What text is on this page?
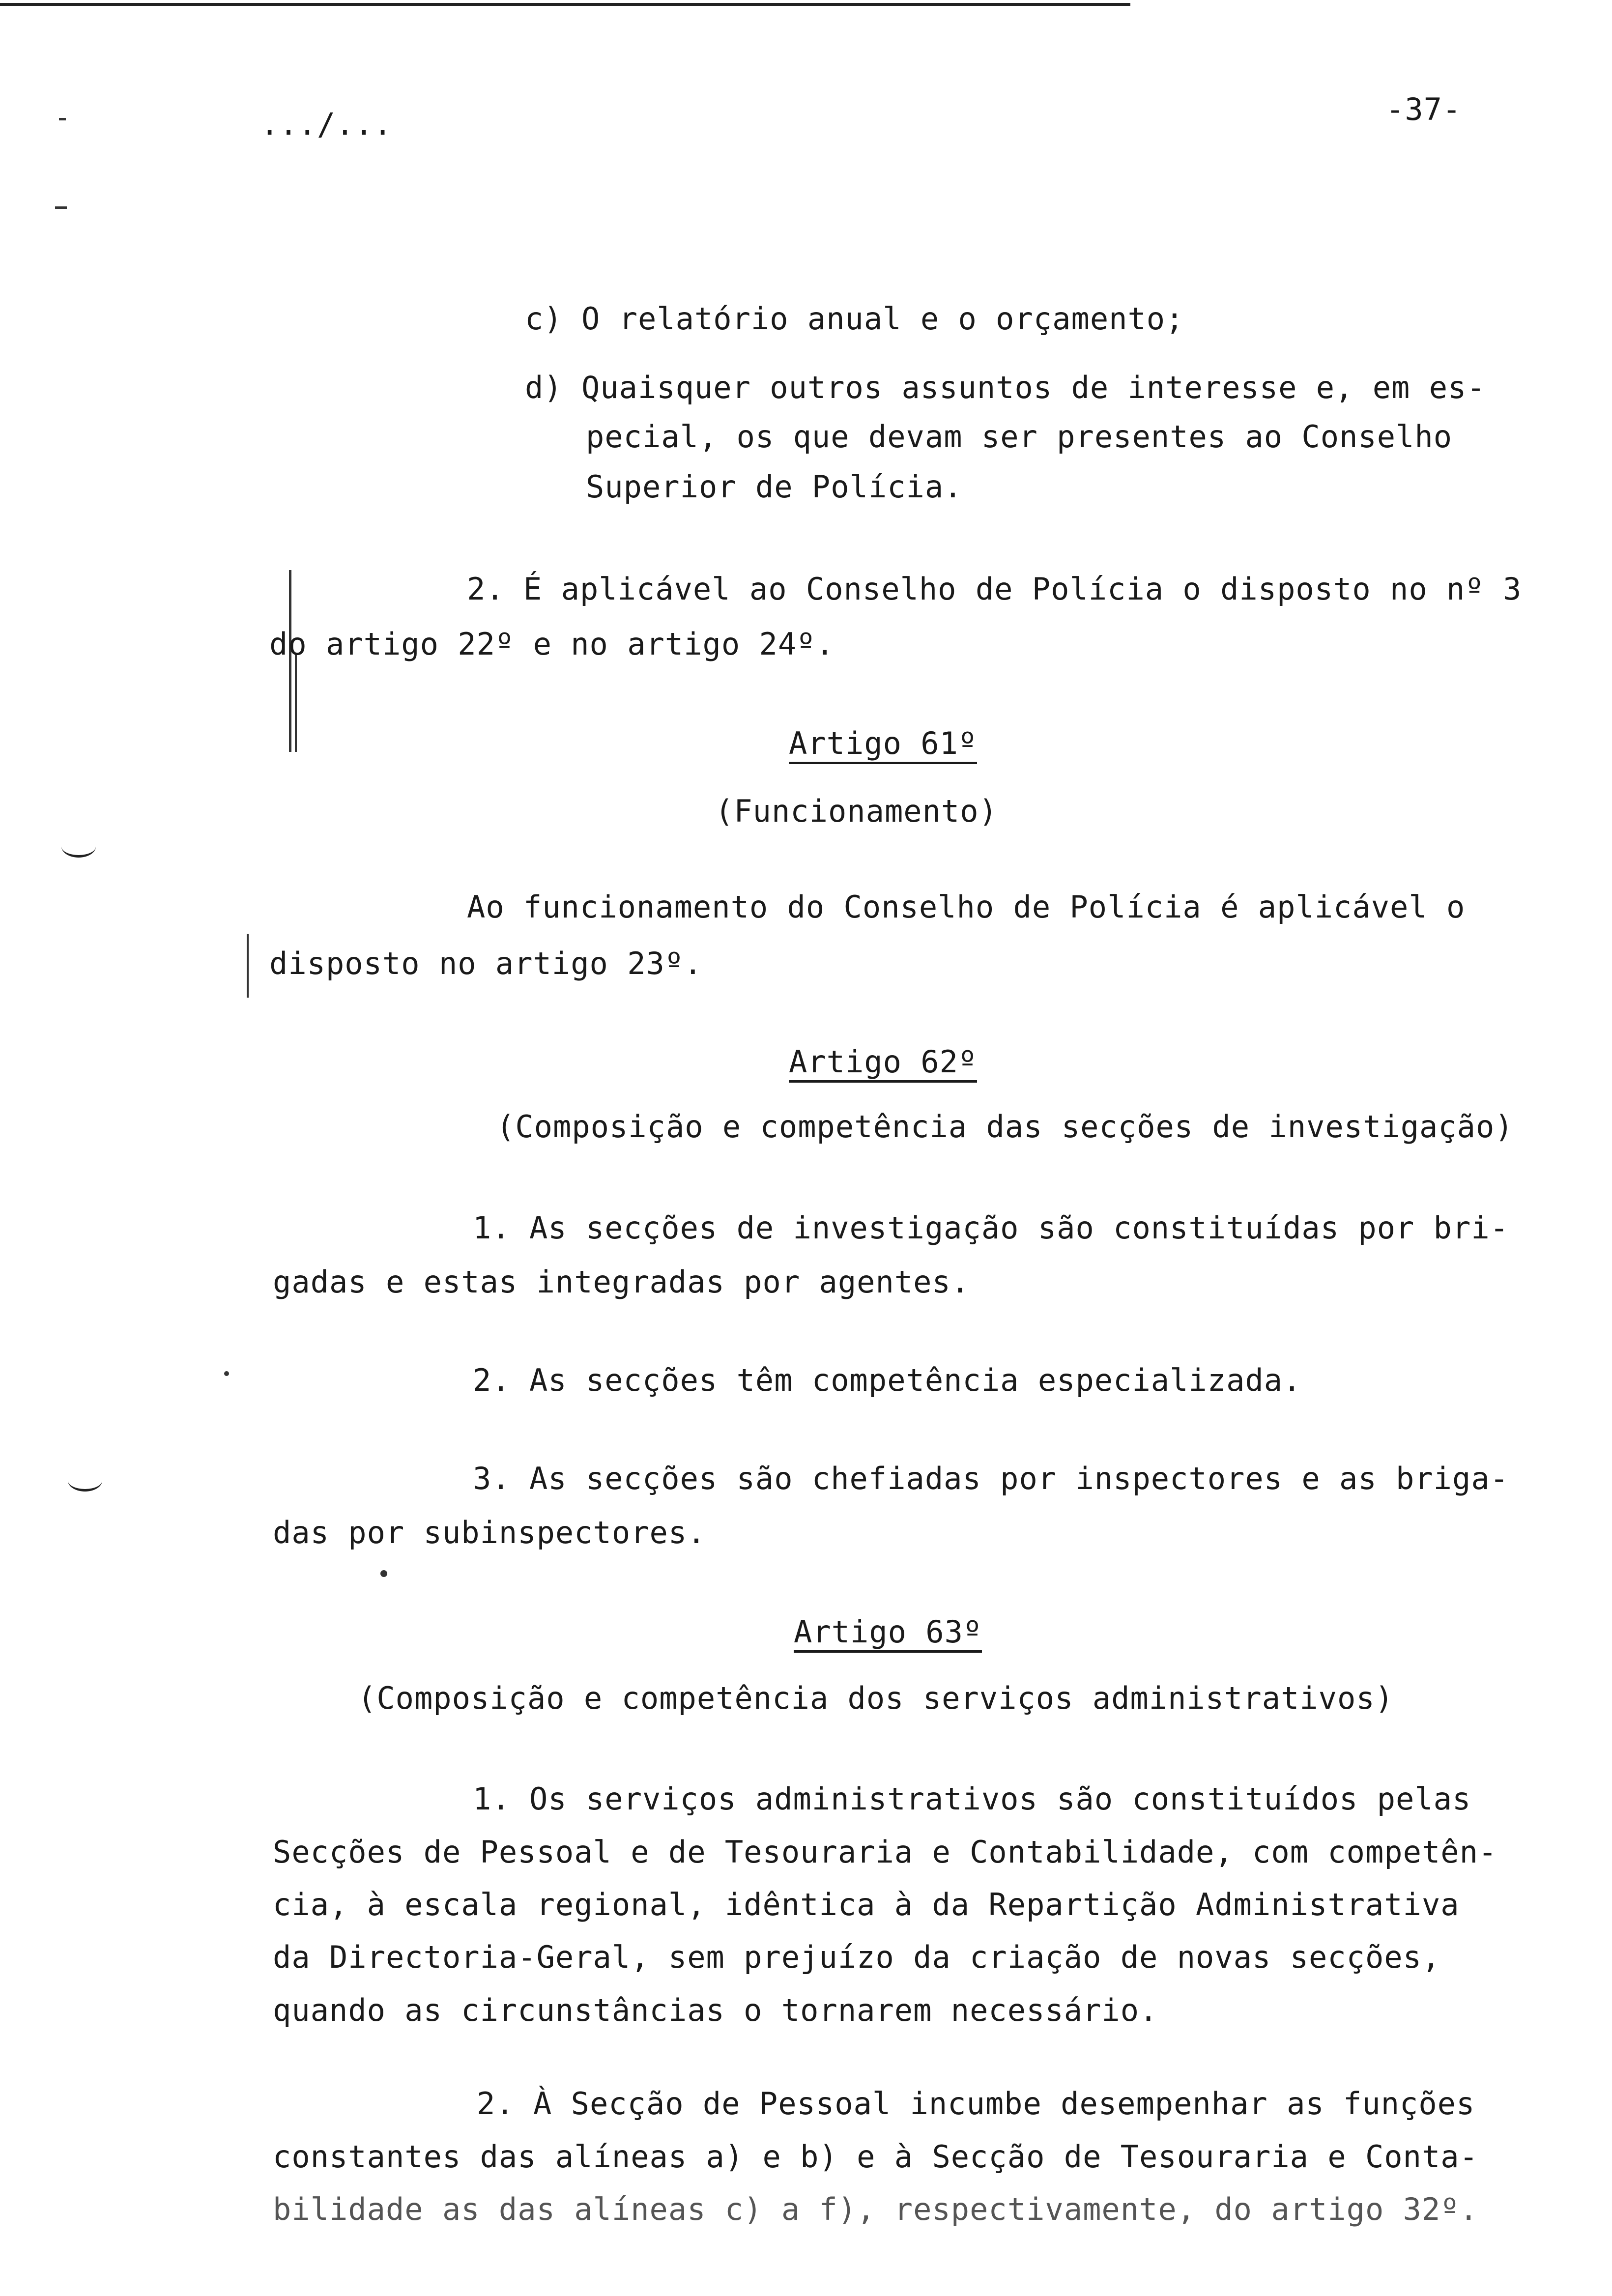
.../...	-37-
c) O relatório anual e o orçamento;
d) Quaisquer outros assuntos de interesse e, em es-
pecial, os que devam ser presentes ao Conselho
Superior de Polícia.
2. É aplicável ao Conselho de Polícia o disposto no nº 3
do artigo 22º e no artigo 24º.
Artigo 61º
(Funcionamento)
Ao funcionamento do Conselho de Polícia é aplicável o
disposto no artigo 23º.
Artigo 62º
(Composição e competência das secções de investigação)
1. As secções de investigação são constituídas por bri-
gadas e estas integradas por agentes.
2. As secções têm competência especializada.
3. As secções são chefiadas por inspectores e as briga-
das por subinspectores.
Artigo 63º
(Composição e competência dos serviços administrativos)
1. Os serviços administrativos são constituídos pelas
Secções de Pessoal e de Tesouraria e Contabilidade, com competên-
cia, à escala regional, idêntica à da Repartição Administrativa
da Directoria-Geral, sem prejuízo da criação de novas secções,
quando as circunstâncias o tornarem necessário.
2. À Secção de Pessoal incumbe desempenhar as funções
constantes das alíneas a) e b) e à Secção de Tesouraria e Conta-
bilidade as das alíneas c) a f), respectivamente, do artigo 32º.
